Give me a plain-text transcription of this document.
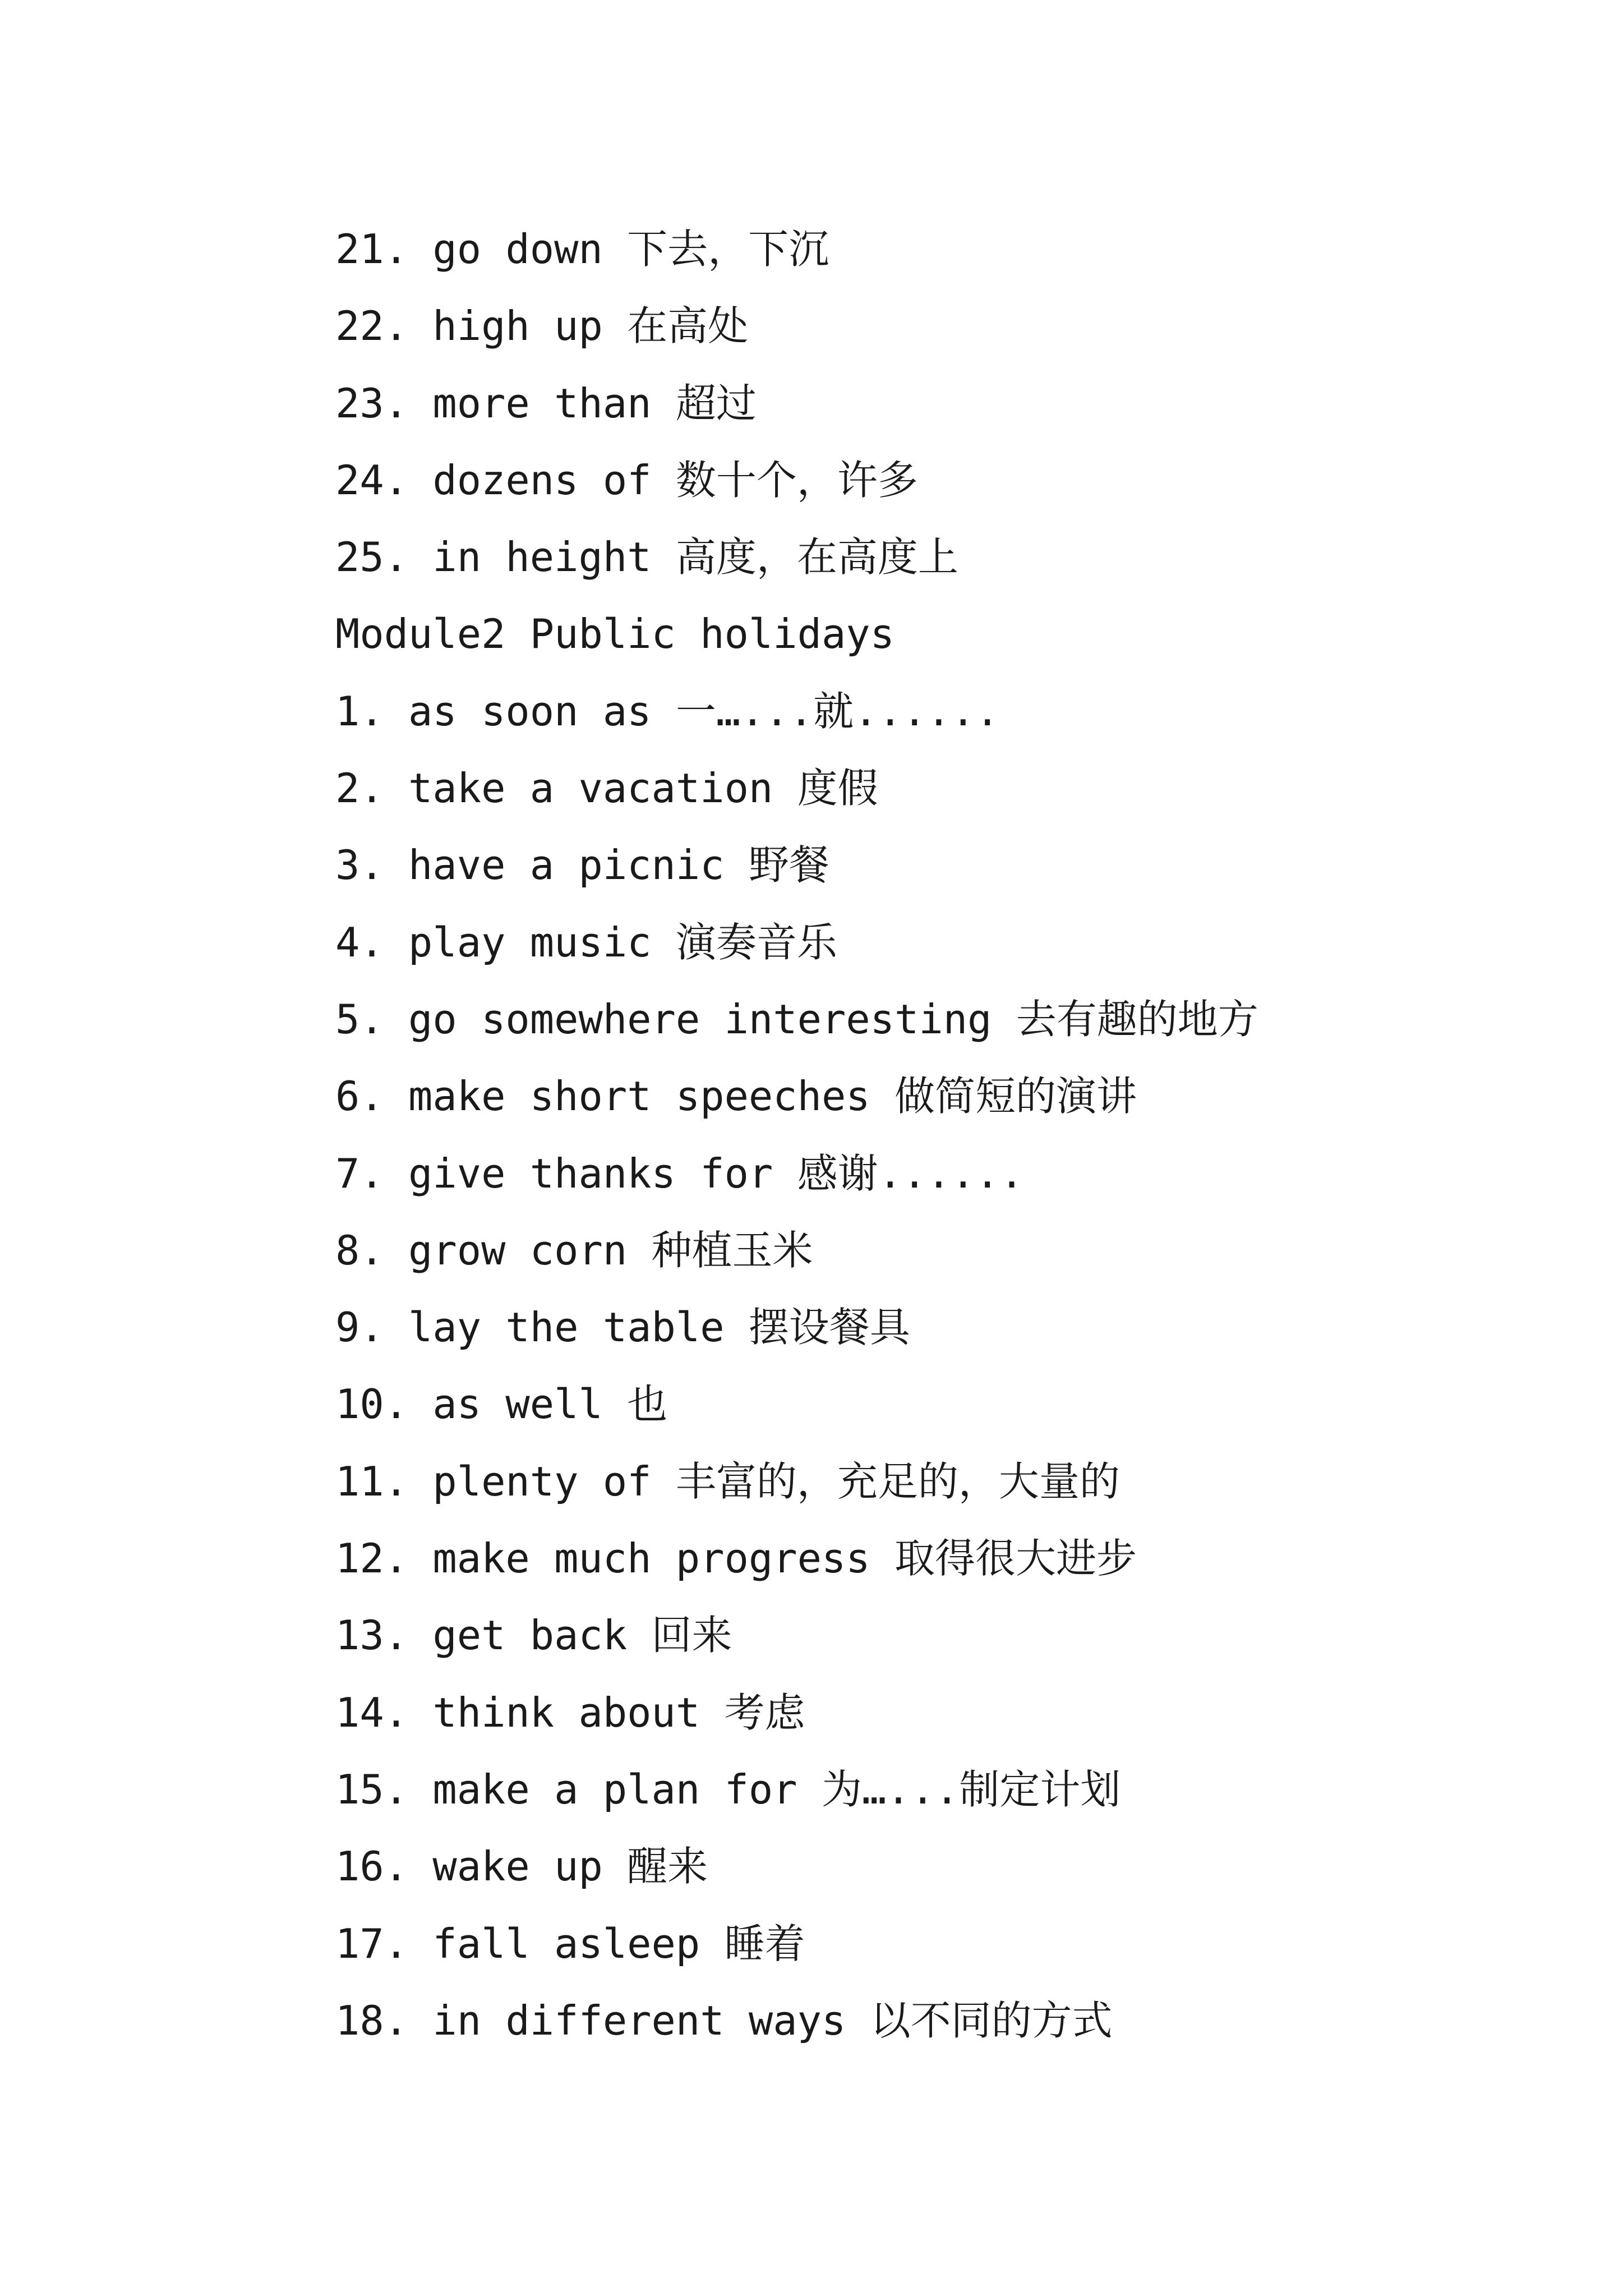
21. go down 下去，下沉
22. high up 在高处
23. more than 超过
24. dozens of 数十个，许多
25. in height 高度，在高度上
Module2 Public holidays
1. as soon as 一…...就......
2. take a vacation 度假
3. have a picnic 野餐
4. play music 演奏音乐
5. go somewhere interesting 去有趣的地方
6. make short speeches 做简短的演讲
7. give thanks for 感谢......
8. grow corn 种植玉米
9. lay the table 摆设餐具
10. as well 也
11. plenty of 丰富的，充足的，大量的
12. make much progress 取得很大进步
13. get back 回来
14. think about 考虑
15. make a plan for 为…...制定计划
16. wake up 醒来
17. fall asleep 睡着
18. in different ways 以不同的方式
